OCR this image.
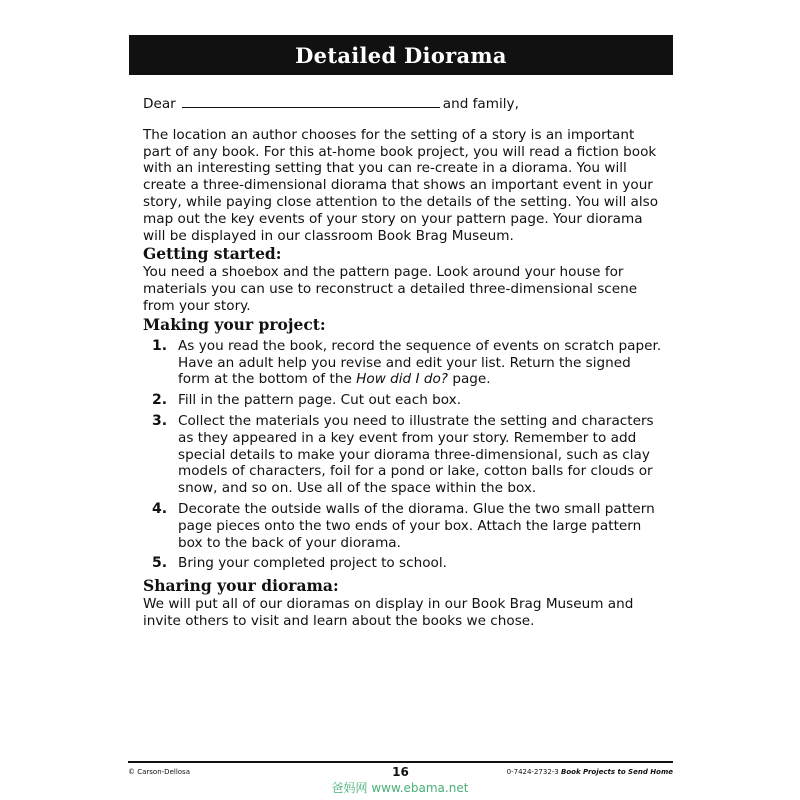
Detailed Diorama

Dear	and family,

The location an author chooses for the setting of a story is an important part of any book. For this at-home book project, you will read a fiction book with an interesting setting that you can re-create in a diorama. You will create a three-dimensional diorama that shows an important event in your story, while paying close attention to the details of the setting. You will also map out the key events of your story on your pattern page. Your diorama will be displayed in our classroom Book Brag Museum.

Getting started:

You need a shoebox and the pattern page. Look around your house for materials you can use to reconstruct a detailed three-dimensional scene from your story.

Making your project:
1. As you read the book, record the sequence of events on scratch paper. Have an adult help you revise and edit your list. Return the signed form at the bottom of the How did I do? page.
2. Fill in the pattern page. Cut out each box.
3. Collect the materials you need to illustrate the setting and characters as they appeared in a key event from your story. Remember to add special details to make your diorama three-dimensional, such as clay models of characters, foil for a pond or lake, cotton balls for clouds or snow, and so on. Use all of the space within the box.
4. Decorate the outside walls of the diorama. Glue the two small pattern page pieces onto the two ends of your box. Attach the large pattern box to the back of your diorama.
5. Bring your completed project to school.
Sharing your diorama:

We will put all of our dioramas on display in our Book Brag Museum and invite others to visit and learn about the books we chose.

© Carson-Dellosa	16	0-7424-2732-3 Book Projects to Send Home
爸妈网 www.ebama.net
